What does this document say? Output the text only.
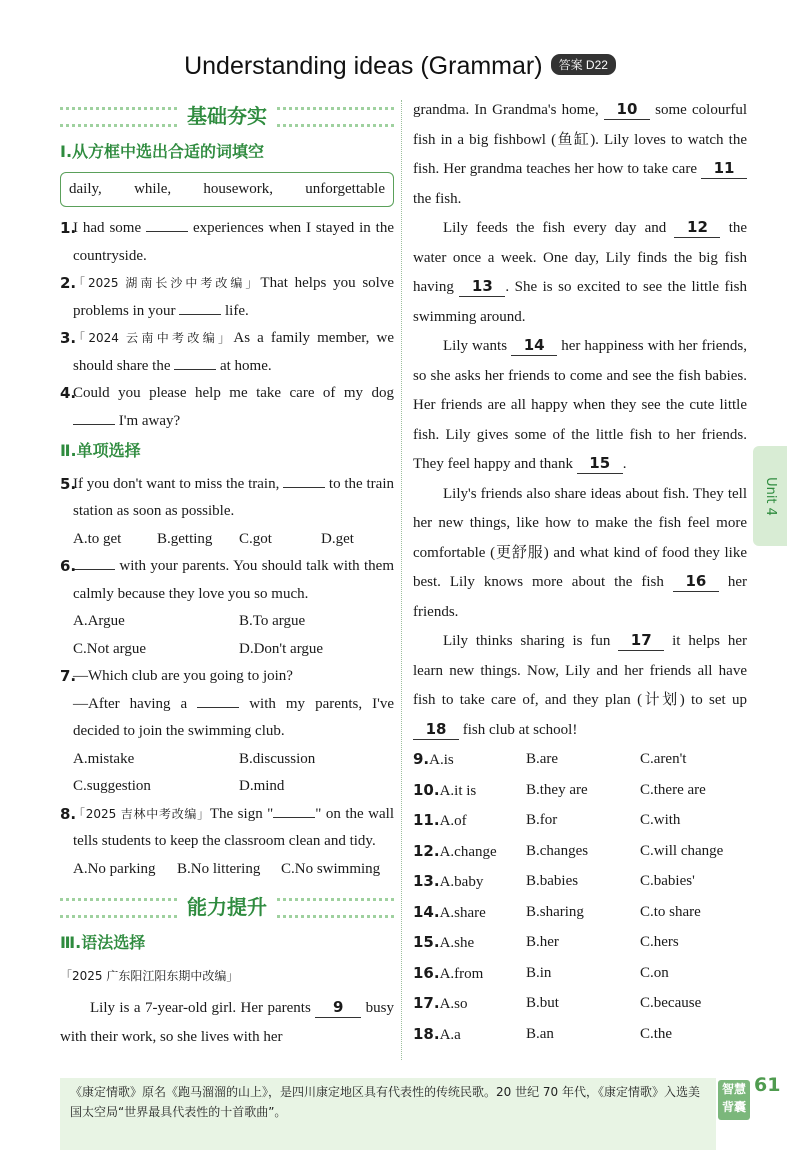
Understanding ideas (Grammar) 答案 D22
基础夯实
Ⅰ.从方框中选出合适的词填空
daily, while, housework, unforgettable
1.
I had some	experiences when I stayed in the countryside.
2.
「2025 湖南长沙中考改编」That helps you solve problems in your	life.
3.
「2024 云南中考改编」As a family member, we should share the	at home.
4.
Could you please help me take care of my dog  I'm away?
Ⅱ.单项选择
5.
If you don't want to miss the train,	to the train station as soon as possible.
A.to get	B.getting	C.got	D.get
6.	with your parents. You should talk with them calmly because they love you so much.
A.Argue	B.To argue
C.Not argue	D.Don't argue
7.
—Which club are you going to join?
—After having a	with my parents, I've decided to join the swimming club.
A.mistake	B.discussion
C.suggestion	D.mind
8.
「2025 吉林中考改编」The sign "	" on the wall tells students to keep the classroom clean and tidy.
A.No parking	B.No littering	C.No swimming
能力提升
Ⅲ.语法选择
「2025 广东阳江阳东期中改编」
Lily is a 7-year-old girl. Her parents 9 busy with their work, so she lives with her
grandma. In Grandma's home, 10 some colourful fish in a big fishbowl (鱼缸). Lily loves to watch the fish. Her grandma teaches her how to take care 11 the fish.
Lily feeds the fish every day and 12 the water once a week. One day, Lily finds the big fish having 13 . She is so excited to see the little fish swimming around.
Lily wants 14 her happiness with her friends, so she asks her friends to come and see the fish babies. Her friends are all happy when they see the cute little fish. Lily gives some of the little fish to her friends. They feel happy and thank 15 .
Lily's friends also share ideas about fish. They tell her new things, like how to make the fish feel more comfortable (更舒服) and what kind of food they like best. Lily knows more about the fish 16 her friends.
Lily thinks sharing is fun 17 it helps her learn new things. Now, Lily and her friends all have fish to take care of, and they plan (计划) to set up 18 fish club at school!
9.A.is	B.are	C.aren't
10.A.it is	B.they are	C.there are
11.A.of	B.for	C.with
12.A.change	B.changes	C.will change
13.A.baby	B.babies	C.babies'
14.A.share	B.sharing	C.to share
15.A.she	B.her	C.hers
16.A.from	B.in	C.on
17.A.so	B.but	C.because
18.A.a	B.an	C.the
Unit 4
《康定情歌》原名《跑马溜溜的山上》，是四川康定地区具有代表性的传统民歌。20 世纪 70 年代，《康定情歌》入选美国太空局“世界最具代表性的十首歌曲”。
智慧背囊
61
